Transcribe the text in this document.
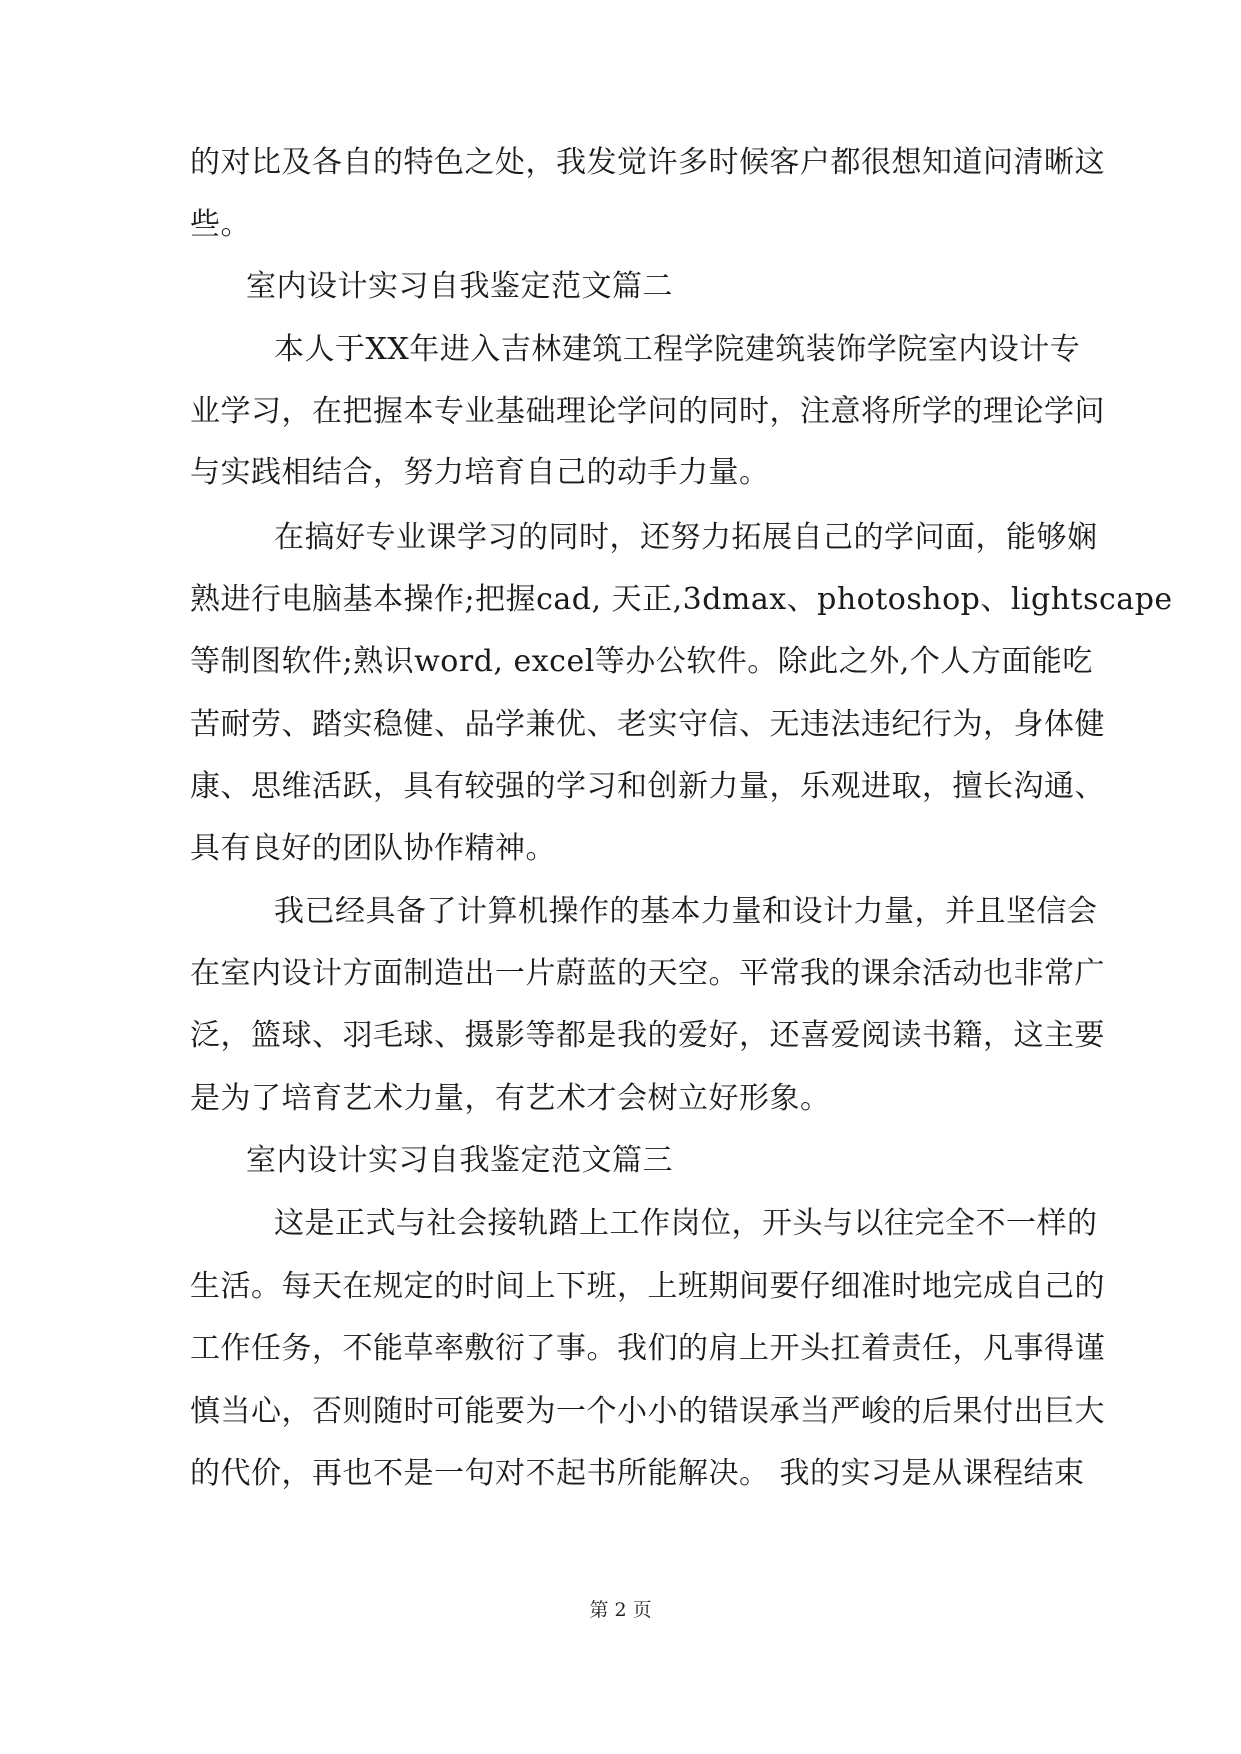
的对比及各自的特色之处，我发觉许多时候客户都很想知道问清晰这
些。
室内设计实习自我鉴定范文篇二
本人于XX年进入吉林建筑工程学院建筑装饰学院室内设计专
业学习，在把握本专业基础理论学问的同时，注意将所学的理论学问
与实践相结合，努力培育自己的动手力量。
在搞好专业课学习的同时，还努力拓展自己的学问面，能够娴
熟进行电脑基本操作;把握cad, 天正,3dmax、photoshop、lightscape
等制图软件;熟识word, excel等办公软件。除此之外,个人方面能吃
苦耐劳、踏实稳健、品学兼优、老实守信、无违法违纪行为，身体健
康、思维活跃，具有较强的学习和创新力量，乐观进取，擅长沟通、
具有良好的团队协作精神。
我已经具备了计算机操作的基本力量和设计力量，并且坚信会
在室内设计方面制造出一片蔚蓝的天空。平常我的课余活动也非常广
泛，篮球、羽毛球、摄影等都是我的爱好，还喜爱阅读书籍，这主要
是为了培育艺术力量，有艺术才会树立好形象。
室内设计实习自我鉴定范文篇三
这是正式与社会接轨踏上工作岗位，开头与以往完全不一样的
生活。每天在规定的时间上下班，上班期间要仔细准时地完成自己的
工作任务，不能草率敷衍了事。我们的肩上开头扛着责任，凡事得谨
慎当心，否则随时可能要为一个小小的错误承当严峻的后果付出巨大
的代价，再也不是一句对不起书所能解决。 我的实习是从课程结束
第 2 页
